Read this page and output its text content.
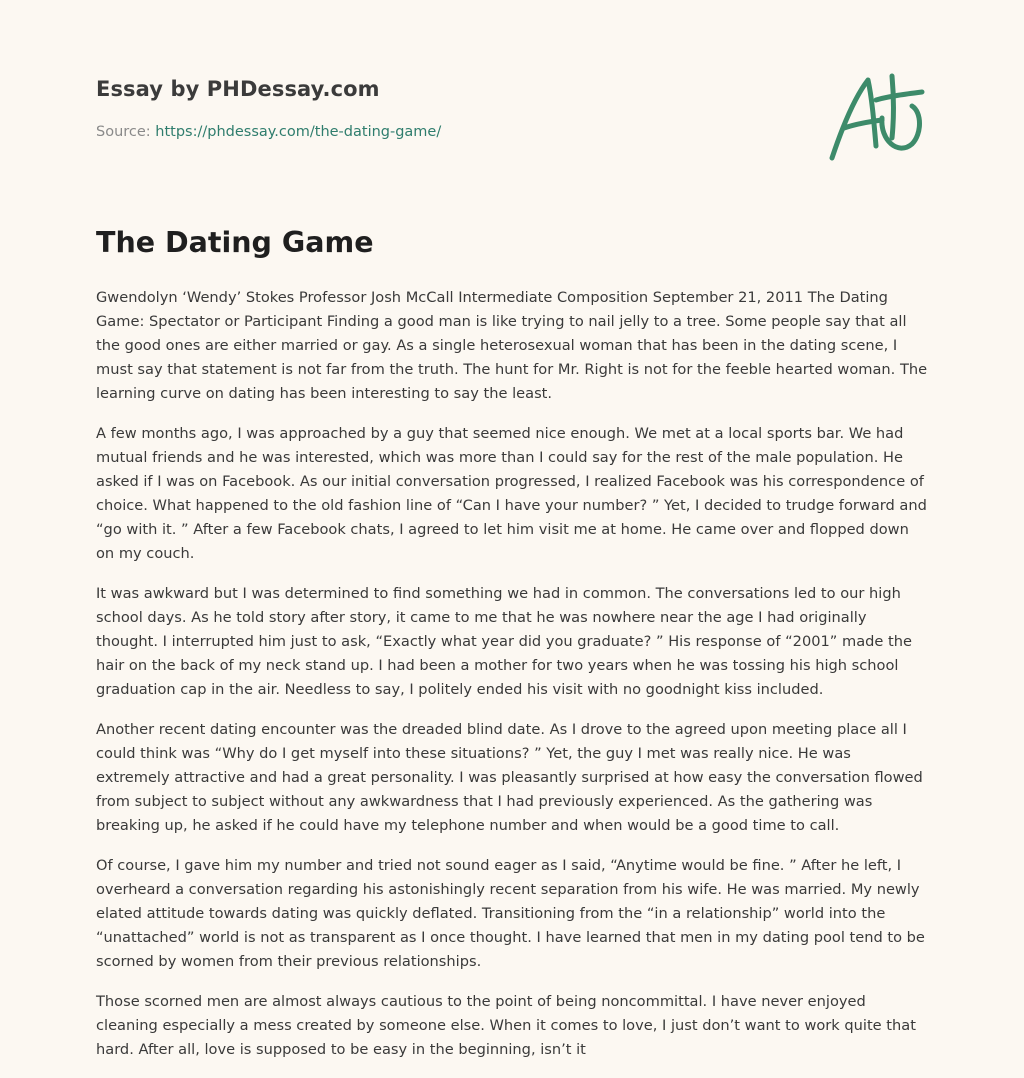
Essay by PHDessay.com

Source: https://phdessay.com/the-dating-game/

The Dating Game

Gwendolyn ‘Wendy’ Stokes Professor Josh McCall Intermediate Composition September 21, 2011 The Dating Game: Spectator or Participant Finding a good man is like trying to nail jelly to a tree. Some people say that all the good ones are either married or gay. As a single heterosexual woman that has been in the dating scene, I must say that statement is not far from the truth. The hunt for Mr. Right is not for the feeble hearted woman. The learning curve on dating has been interesting to say the least.

A few months ago, I was approached by a guy that seemed nice enough. We met at a local sports bar. We had mutual friends and he was interested, which was more than I could say for the rest of the male population. He asked if I was on Facebook. As our initial conversation progressed, I realized Facebook was his correspondence of choice. What happened to the old fashion line of “Can I have your number? ” Yet, I decided to trudge forward and “go with it. ” After a few Facebook chats, I agreed to let him visit me at home. He came over and flopped down on my couch.

It was awkward but I was determined to find something we had in common. The conversations led to our high school days. As he told story after story, it came to me that he was nowhere near the age I had originally thought. I interrupted him just to ask, “Exactly what year did you graduate? ” His response of “2001” made the hair on the back of my neck stand up. I had been a mother for two years when he was tossing his high school graduation cap in the air. Needless to say, I politely ended his visit with no goodnight kiss included.

Another recent dating encounter was the dreaded blind date. As I drove to the agreed upon meeting place all I could think was “Why do I get myself into these situations? ” Yet, the guy I met was really nice. He was extremely attractive and had a great personality. I was pleasantly surprised at how easy the conversation flowed from subject to subject without any awkwardness that I had previously experienced. As the gathering was breaking up, he asked if he could have my telephone number and when would be a good time to call.

Of course, I gave him my number and tried not sound eager as I said, “Anytime would be fine. ” After he left, I overheard a conversation regarding his astonishingly recent separation from his wife. He was married. My newly elated attitude towards dating was quickly deflated. Transitioning from the “in a relationship” world into the “unattached” world is not as transparent as I once thought. I have learned that men in my dating pool tend to be scorned by women from their previous relationships.

Those scorned men are almost always cautious to the point of being noncommittal. I have never enjoyed cleaning especially a mess created by someone else. When it comes to love, I just don’t want to work quite that hard. After all, love is supposed to be easy in the beginning, isn’t it
